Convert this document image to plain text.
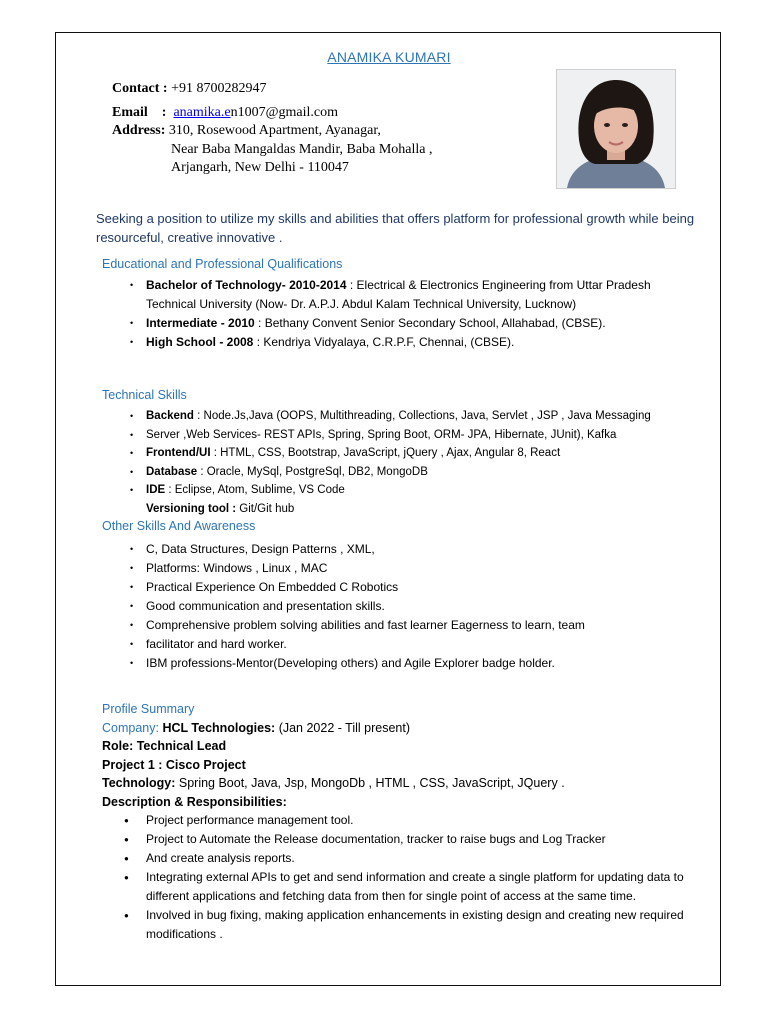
ANAMIKA KUMARI
Contact : +91 8700282947
Email : anamika.en1007@gmail.com
Address: 310, Rosewood Apartment, Ayanagar,
Near Baba Mangaldas Mandir, Baba Mohalla ,
Arjangarh, New Delhi - 110047
Seeking a position to utilize my skills and abilities that offers platform for professional growth while being resourceful, creative innovative .
Educational and Professional Qualifications
• Bachelor of Technology- 2010-2014 : Electrical & Electronics Engineering from Uttar Pradesh Technical University (Now- Dr. A.P.J. Abdul Kalam Technical University, Lucknow)
• Intermediate - 2010 : Bethany Convent Senior Secondary School, Allahabad, (CBSE).
• High School - 2008 : Kendriya Vidyalaya, C.R.P.F, Chennai, (CBSE).
Technical Skills
• Backend : Node.Js,Java (OOPS, Multithreading, Collections, Java, Servlet , JSP , Java Messaging
• Server ,Web Services- REST APIs, Spring, Spring Boot, ORM- JPA, Hibernate, JUnit), Kafka
• Frontend/UI : HTML, CSS, Bootstrap, JavaScript, jQuery , Ajax, Angular 8, React
• Database : Oracle, MySql, PostgreSql, DB2, MongoDB
• IDE : Eclipse, Atom, Sublime, VS Code
Versioning tool : Git/Git hub
Other Skills And Awareness
• C, Data Structures, Design Patterns , XML,
• Platforms: Windows , Linux , MAC
• Practical Experience On Embedded C Robotics
• Good communication and presentation skills.
• Comprehensive problem solving abilities and fast learner Eagerness to learn, team
• facilitator and hard worker.
• IBM professions-Mentor(Developing others) and Agile Explorer badge holder.
Profile Summary
Company: HCL Technologies: (Jan 2022 - Till present)
Role: Technical Lead
Project 1 : Cisco Project
Technology: Spring Boot, Java, Jsp, MongoDb , HTML , CSS, JavaScript, JQuery .
Description & Responsibilities:
● Project performance management tool.
● Project to Automate the Release documentation, tracker to raise bugs and Log Tracker
● And create analysis reports.
● Integrating external APIs to get and send information and create a single platform for updating data to different applications and fetching data from then for single point of access at the same time.
● Involved in bug fixing, making application enhancements in existing design and creating new required modifications .
